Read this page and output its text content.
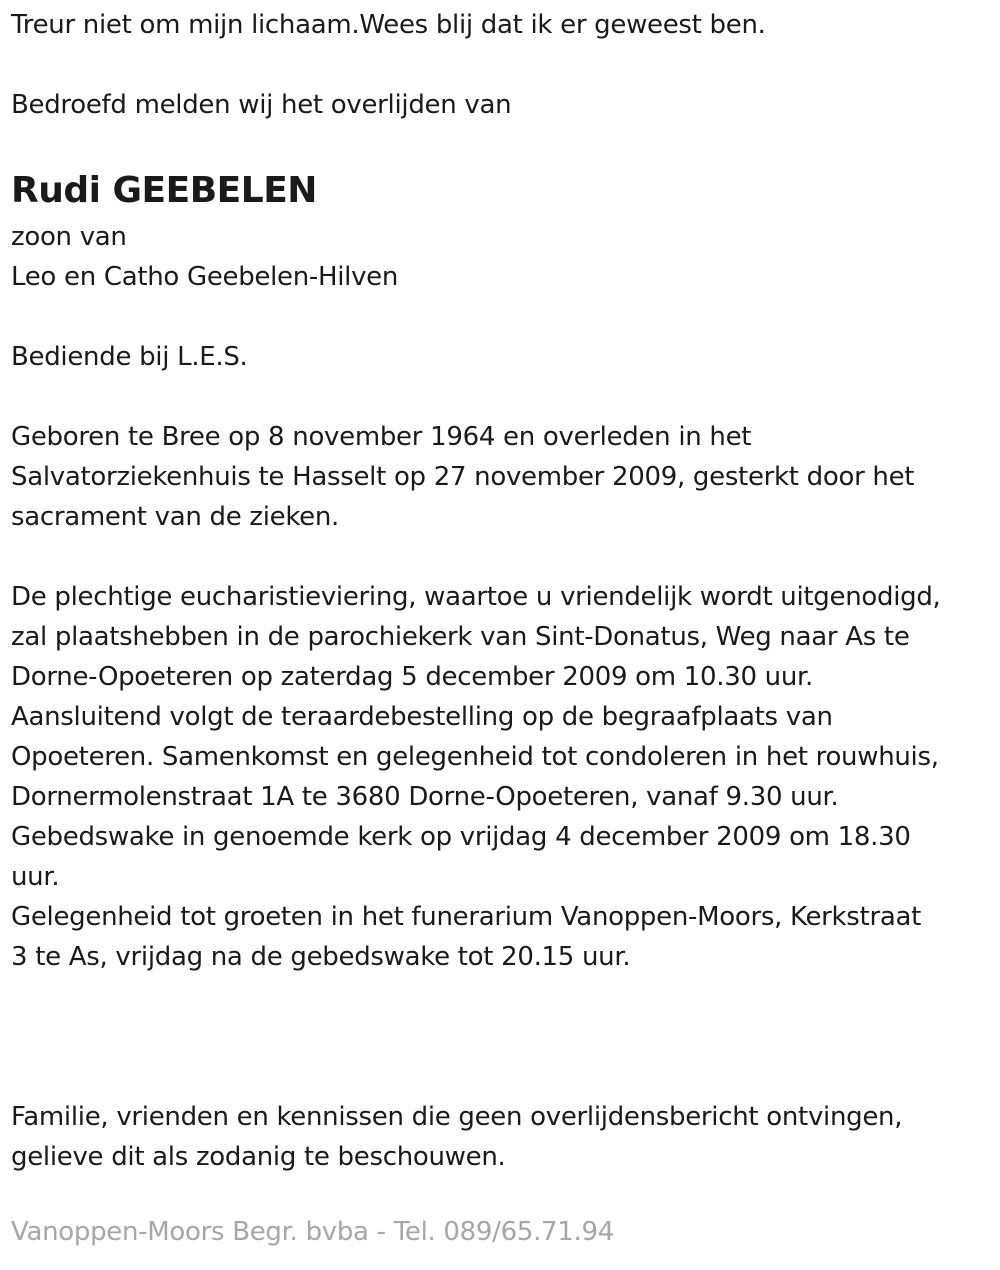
Treur niet om mijn lichaam.Wees blij dat ik er geweest ben.
Bedroefd melden wij het overlijden van
Rudi GEEBELEN
zoon van
Leo en Catho Geebelen-Hilven
Bediende bij L.E.S.
Geboren te Bree op 8 november 1964 en overleden in het
Salvatorziekenhuis te Hasselt op 27 november 2009, gesterkt door het
sacrament van de zieken.
De plechtige eucharistieviering, waartoe u vriendelijk wordt uitgenodigd,
zal plaatshebben in de parochiekerk van Sint-Donatus, Weg naar As te
Dorne-Opoeteren op zaterdag 5 december 2009 om 10.30 uur.
Aansluitend volgt de teraardebestelling op de begraafplaats van
Opoeteren. Samenkomst en gelegenheid tot condoleren in het rouwhuis,
Dornermolenstraat 1A te 3680 Dorne-Opoeteren, vanaf 9.30 uur.
Gebedswake in genoemde kerk op vrijdag 4 december 2009 om 18.30
uur.
Gelegenheid tot groeten in het funerarium Vanoppen-Moors, Kerkstraat
3 te As, vrijdag na de gebedswake tot 20.15 uur.
Familie, vrienden en kennissen die geen overlijdensbericht ontvingen,
gelieve dit als zodanig te beschouwen.
Vanoppen-Moors Begr. bvba - Tel. 089/65.71.94
